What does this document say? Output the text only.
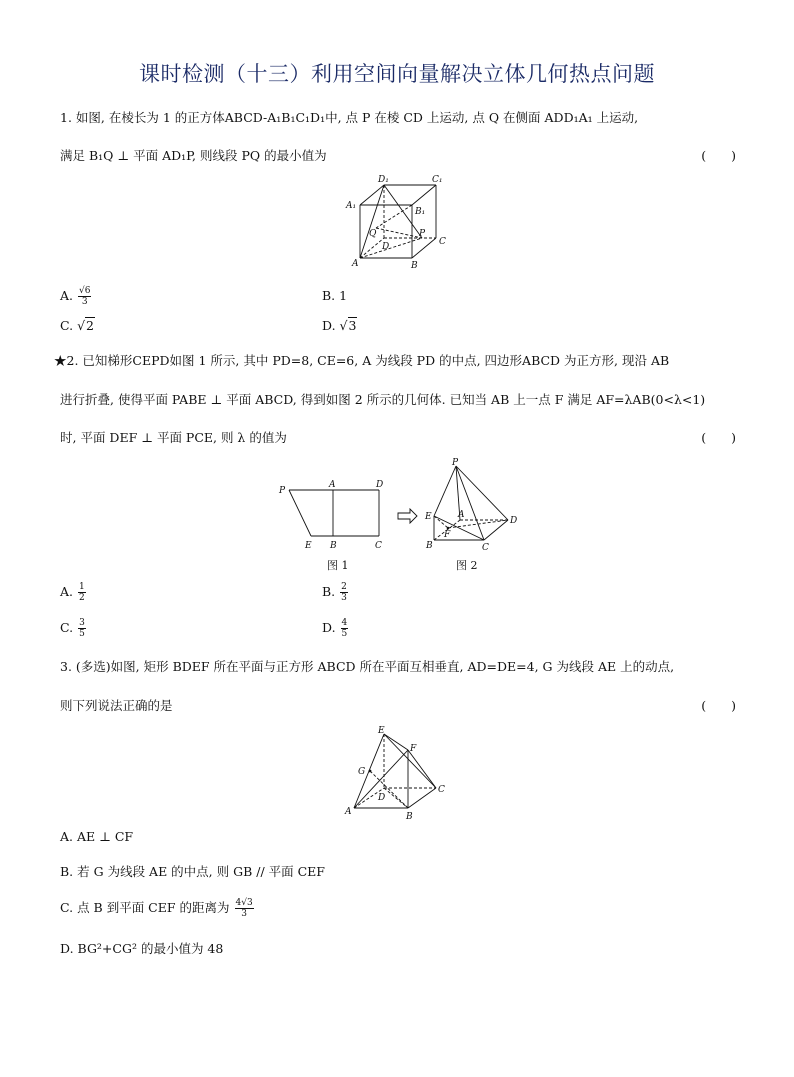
课时检测（十三）利用空间向量解决立体几何热点问题
1. 如图, 在棱长为 1 的正方体ABCD-A₁B₁C₁D₁中, 点 P 在棱 CD 上运动, 点 Q 在侧面 ADD₁A₁ 上运动,
满足 B₁Q ⊥ 平面 AD₁P, 则线段 PQ 的最小值为	(　　)
D₁	C₁
A₁
B₁
Q	P
C
D
A	B
A. $\frac{√6}{3}$	B. 1
C. √ 2	D. √ 3
★2. 已知梯形CEPD如图 1 所示, 其中 PD=8, CE=6, A 为线段 PD 的中点, 四边形ABCD 为正方形, 现沿 AB
进行折叠, 使得平面 PABE ⊥ 平面 ABCD, 得到如图 2 所示的几何体. 已知当 AB 上一点 F 满足 AF=λAB(0<λ<1)
时, 平面 DEF ⊥ 平面 PCE, 则 λ 的值为	(　　)
P
A	D
E B	C
图 1
P
E	A
D
F
B	C
图 2
A. $\frac{1}{2}$	B. $\frac{2}{3}$
C. $\frac{3}{5}$	D. $\frac{4}{5}$
3. (多选)如图, 矩形 BDEF 所在平面与正方形 ABCD 所在平面互相垂直, AD=DE=4, G 为线段 AE 上的动点,
则下列说法正确的是	(　　)
E
F
G
D
C
A	B
A. AE ⊥ CF
B. 若 G 为线段 AE 的中点, 则 GB // 平面 CEF
C. 点 B 到平面 CEF 的距离为 $\frac{4√3}{3}$
D. BG²+CG² 的最小值为 48
